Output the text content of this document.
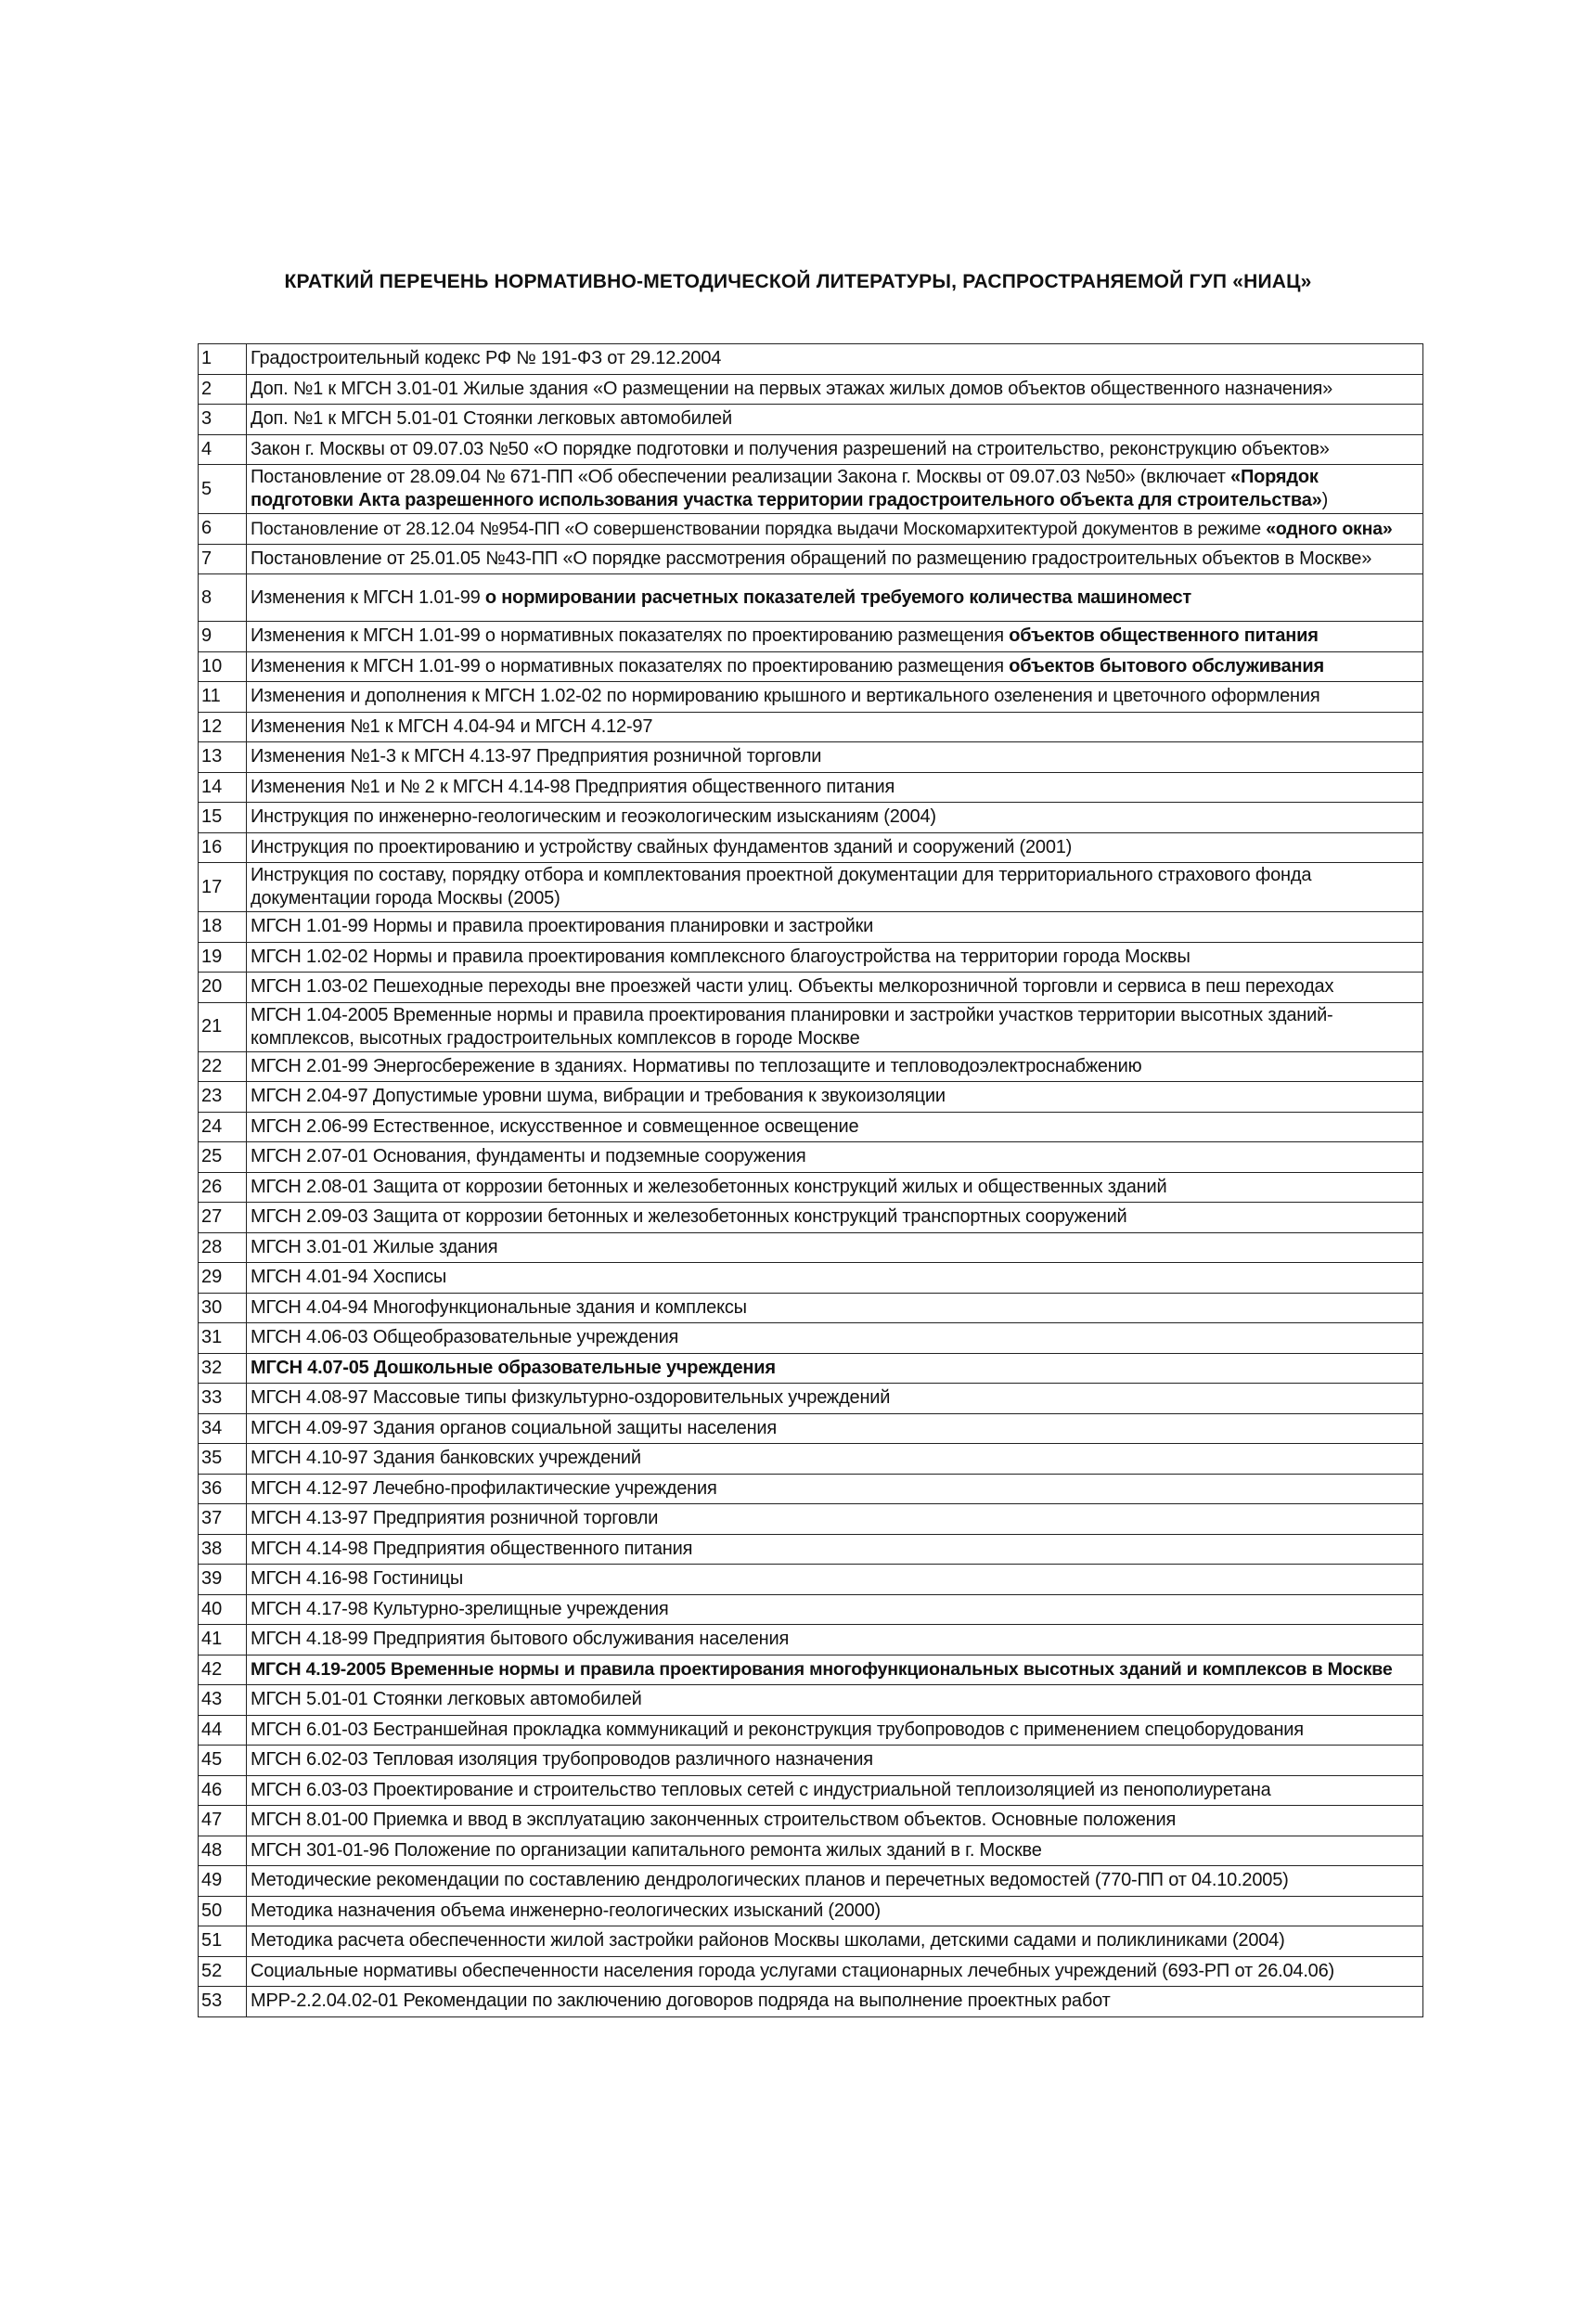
КРАТКИЙ ПЕРЕЧЕНЬ НОРМАТИВНО-МЕТОДИЧЕСКОЙ ЛИТЕРАТУРЫ, РАСПРОСТРАНЯЕМОЙ ГУП «НИАЦ»
1	Градостроительный кодекс РФ № 191-ФЗ от 29.12.2004
2	Доп. №1 к МГСН 3.01-01 Жилые здания «О размещении на первых этажах жилых домов объектов общественного назначения»
3	Доп. №1 к МГСН 5.01-01 Стоянки легковых автомобилей
4	Закон г. Москвы от 09.07.03 №50 «О порядке подготовки и получения разрешений на строительство, реконструкцию объектов»
5	Постановление от 28.09.04 № 671-ПП «Об обеспечении реализации Закона г. Москвы от 09.07.03 №50» (включает «Порядок подготовки Акта разрешенного использования участка территории градостроительного объекта для строительства»)
6	Постановление от 28.12.04 №954-ПП «О совершенствовании порядка выдачи Москомархитектурой документов в режиме «одного окна»
7	Постановление от 25.01.05 №43-ПП «О порядке рассмотрения обращений по размещению градостроительных объектов в Москве»
8	Изменения к МГСН 1.01-99 о нормировании расчетных показателей требуемого количества машиномест
9	Изменения к МГСН 1.01-99 о нормативных показателях по проектированию размещения объектов общественного питания
10	Изменения к МГСН 1.01-99 о нормативных показателях по проектированию размещения объектов бытового обслуживания
11	Изменения и дополнения к МГСН 1.02-02 по нормированию крышного и вертикального озеленения и цветочного оформления
12	Изменения №1 к МГСН 4.04-94 и МГСН 4.12-97
13	Изменения №1-3 к МГСН 4.13-97 Предприятия розничной торговли
14	Изменения №1 и № 2 к МГСН 4.14-98 Предприятия общественного питания
15	Инструкция по инженерно-геологическим и геоэкологическим изысканиям (2004)
16	Инструкция по проектированию и устройству свайных фундаментов зданий и сооружений (2001)
17	Инструкция по составу, порядку отбора и комплектования проектной документации для территориального страхового фонда документации города Москвы (2005)
18	МГСН 1.01-99 Нормы и правила проектирования планировки и застройки
19	МГСН 1.02-02 Нормы и правила проектирования комплексного благоустройства на территории города Москвы
20	МГСН 1.03-02 Пешеходные переходы вне проезжей части улиц. Объекты мелкорозничной торговли и сервиса в пеш переходах
21	МГСН 1.04-2005 Временные нормы и правила проектирования планировки и застройки участков территории высотных зданий-комплексов, высотных градостроительных комплексов в городе Москве
22	МГСН 2.01-99 Энергосбережение в зданиях. Нормативы по теплозащите и тепловодоэлектроснабжению
23	МГСН 2.04-97 Допустимые уровни шума, вибрации и требования к звукоизоляции
24	МГСН 2.06-99 Естественное, искусственное и совмещенное освещение
25	МГСН 2.07-01 Основания, фундаменты и подземные сооружения
26	МГСН 2.08-01 Защита от коррозии бетонных и железобетонных конструкций жилых и общественных зданий
27	МГСН 2.09-03 Защита от коррозии бетонных и железобетонных конструкций транспортных сооружений
28	МГСН 3.01-01 Жилые здания
29	МГСН 4.01-94 Хосписы
30	МГСН 4.04-94 Многофункциональные здания и комплексы
31	МГСН 4.06-03 Общеобразовательные учреждения
32	МГСН 4.07-05 Дошкольные образовательные учреждения
33	МГСН 4.08-97 Массовые типы физкультурно-оздоровительных учреждений
34	МГСН 4.09-97 Здания органов социальной защиты населения
35	МГСН 4.10-97 Здания банковских учреждений
36	МГСН 4.12-97 Лечебно-профилактические учреждения
37	МГСН 4.13-97 Предприятия розничной торговли
38	МГСН 4.14-98 Предприятия общественного питания
39	МГСН 4.16-98 Гостиницы
40	МГСН 4.17-98 Культурно-зрелищные учреждения
41	МГСН 4.18-99 Предприятия бытового обслуживания населения
42	МГСН 4.19-2005 Временные нормы и правила проектирования многофункциональных высотных зданий и комплексов в Москве
43	МГСН 5.01-01 Стоянки легковых автомобилей
44	МГСН 6.01-03 Бестраншейная прокладка коммуникаций и реконструкция трубопроводов с применением спецоборудования
45	МГСН 6.02-03 Тепловая изоляция трубопроводов различного назначения
46	МГСН 6.03-03 Проектирование и строительство тепловых сетей с индустриальной теплоизоляцией из пенополиуретана
47	МГСН 8.01-00 Приемка и ввод в эксплуатацию законченных строительством объектов. Основные положения
48	МГСН 301-01-96 Положение по организации капитального ремонта жилых зданий в г. Москве
49	Методические рекомендации по составлению дендрологических планов и перечетных ведомостей (770-ПП от 04.10.2005)
50	Методика назначения объема инженерно-геологических изысканий (2000)
51	Методика расчета обеспеченности жилой застройки районов Москвы школами, детскими садами и поликлиниками (2004)
52	Социальные нормативы обеспеченности населения города услугами стационарных лечебных учреждений (693-РП от 26.04.06)
53	МРР-2.2.04.02-01 Рекомендации по заключению договоров подряда на выполнение проектных работ
